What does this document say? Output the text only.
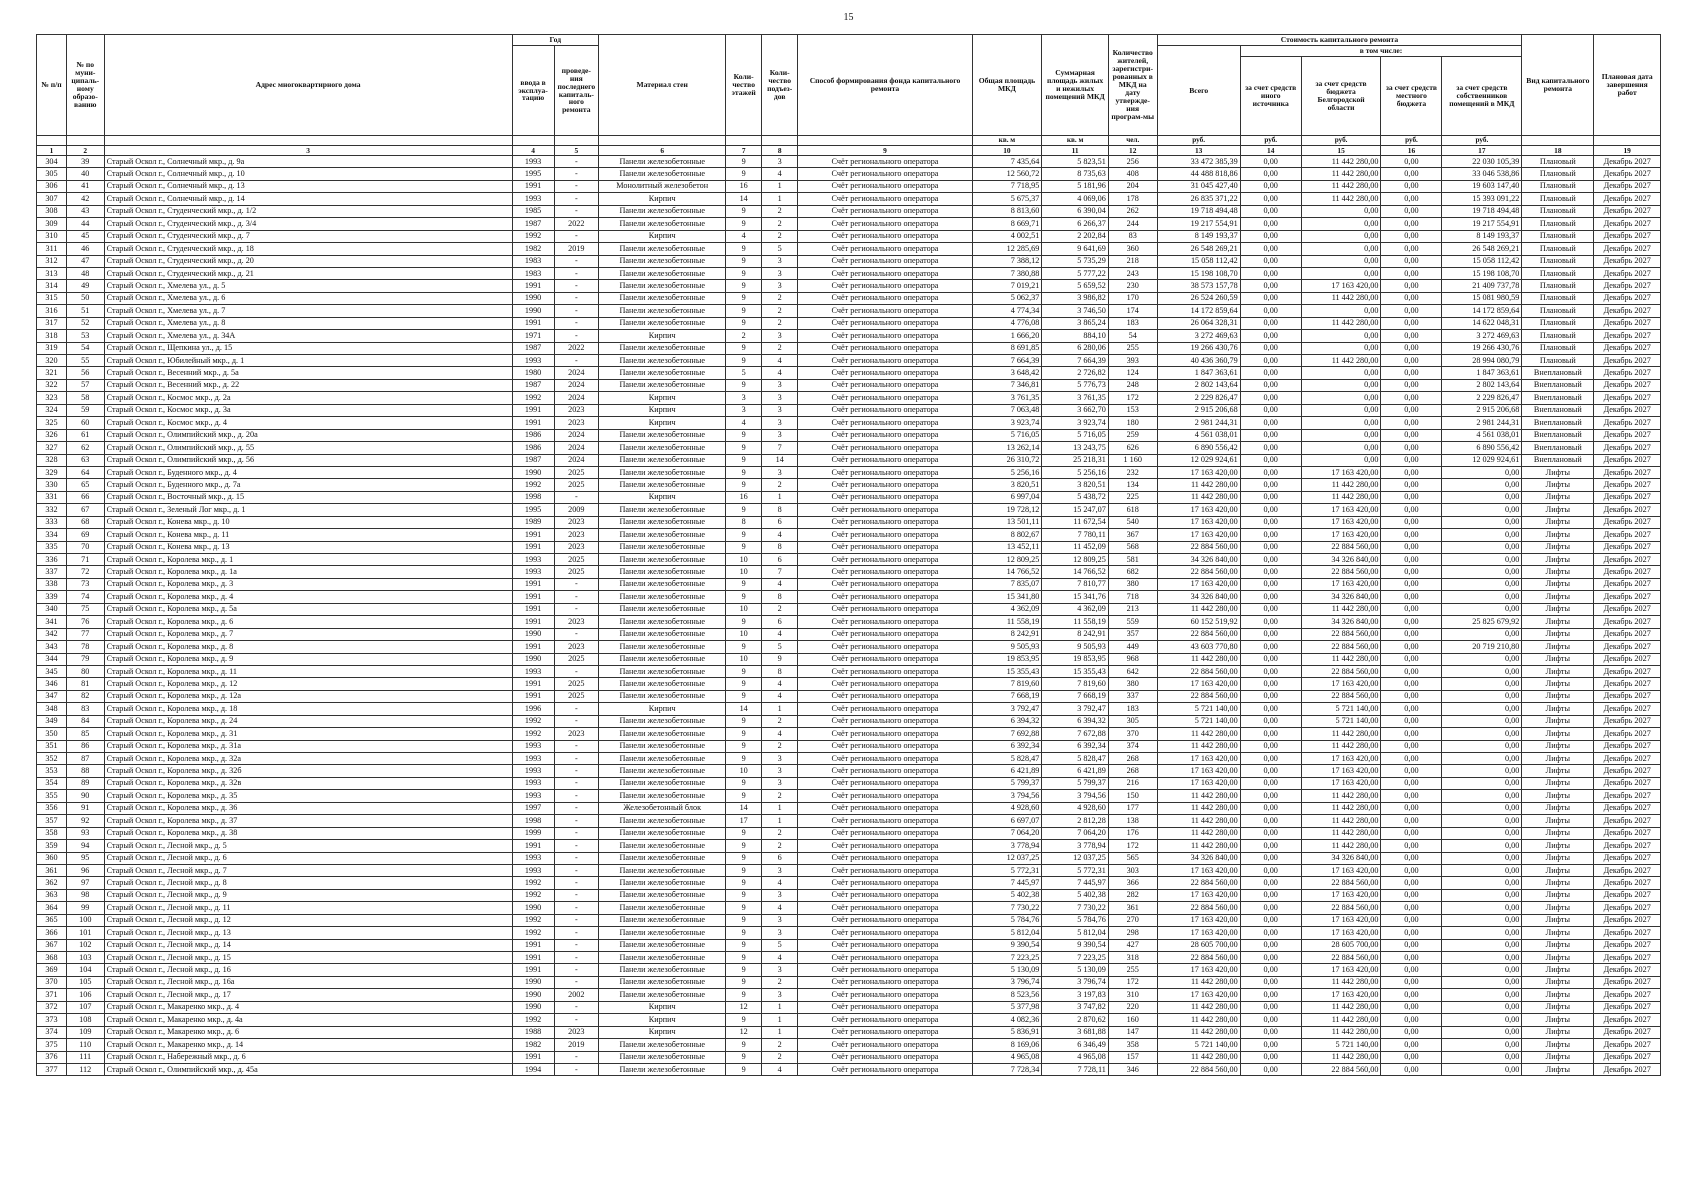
15
№ п/п	№ по муни-ципаль-ному образо-ванию	Адрес многоквартирного дома	Год		Материал стен	Коли-чество этажей	Коли-чество подъез-дов	Способ формирования фонда капитального ремонта	Общая площадь МКД	Суммарная площадь жилых и нежилых помещений МКД	Количество жителей, зарегистри-рованных в МКД на дату утвержде-ния програм-мы	Стоимость капитального ремонта					Вид капитального ремонта	Плановая дата завершения работ
			ввода в эксплуа-тацию	проведе-ния последнего капиталь-ного ремонта								Всего	в том числе:					
													за счет средств иного источника	за счет средств бюджета Белгородской области	за счет средств местного бюджета	за счет средств собственников помещений в МКД		
									кв. м	кв. м	чел.	руб.	руб.	руб.	руб.	руб.		
1	2	3	4	5	6	7	8	9	10	11	12	13	14	15	16	17	18	19
304	39	Старый Оскол г., Солнечный мкр., д. 9а	1993	-	Панели железобетонные	9	3	Счёт регионального оператора	7 435,64	5 823,51	256	33 472 385,39	0,00	11 442 280,00	0,00	22 030 105,39	Плановый	Декабрь 2027
305	40	Старый Оскол г., Солнечный мкр., д. 10	1995	-	Панели железобетонные	9	4	Счёт регионального оператора	12 560,72	8 735,63	408	44 488 818,86	0,00	11 442 280,00	0,00	33 046 538,86	Плановый	Декабрь 2027
306	41	Старый Оскол г., Солнечный мкр., д. 13	1991	-	Монолитный железобетон	16	1	Счёт регионального оператора	7 718,95	5 181,96	204	31 045 427,40	0,00	11 442 280,00	0,00	19 603 147,40	Плановый	Декабрь 2027
307	42	Старый Оскол г., Солнечный мкр., д. 14	1993	-	Кирпич	14	1	Счёт регионального оператора	5 675,37	4 069,06	178	26 835 371,22	0,00	11 442 280,00	0,00	15 393 091,22	Плановый	Декабрь 2027
308	43	Старый Оскол г., Студенческий мкр., д. 1/2	1985	-	Панели железобетонные	9	2	Счёт регионального оператора	8 813,60	6 390,04	262	19 718 494,48	0,00	0,00	0,00	19 718 494,48	Плановый	Декабрь 2027
309	44	Старый Оскол г., Студенческий мкр., д. 3/4	1987	2022	Панели железобетонные	9	2	Счёт регионального оператора	8 669,71	6 266,37	244	19 217 554,91	0,00	0,00	0,00	19 217 554,91	Плановый	Декабрь 2027
310	45	Старый Оскол г., Студенческий мкр., д. 7	1992	-	Кирпич	4	2	Счёт регионального оператора	4 002,51	2 202,84	83	8 149 193,37	0,00	0,00	0,00	8 149 193,37	Плановый	Декабрь 2027
311	46	Старый Оскол г., Студенческий мкр., д. 18	1982	2019	Панели железобетонные	9	5	Счёт регионального оператора	12 285,69	9 641,69	360	26 548 269,21	0,00	0,00	0,00	26 548 269,21	Плановый	Декабрь 2027
312	47	Старый Оскол г., Студенческий мкр., д. 20	1983	-	Панели железобетонные	9	3	Счёт регионального оператора	7 388,12	5 735,29	218	15 058 112,42	0,00	0,00	0,00	15 058 112,42	Плановый	Декабрь 2027
313	48	Старый Оскол г., Студенческий мкр., д. 21	1983	-	Панели железобетонные	9	3	Счёт регионального оператора	7 380,88	5 777,22	243	15 198 108,70	0,00	0,00	0,00	15 198 108,70	Плановый	Декабрь 2027
314	49	Старый Оскол г., Хмелева ул., д. 5	1991	-	Панели железобетонные	9	3	Счёт регионального оператора	7 019,21	5 659,52	230	38 573 157,78	0,00	17 163 420,00	0,00	21 409 737,78	Плановый	Декабрь 2027
315	50	Старый Оскол г., Хмелева ул., д. 6	1990	-	Панели железобетонные	9	2	Счёт регионального оператора	5 062,37	3 986,82	170	26 524 260,59	0,00	11 442 280,00	0,00	15 081 980,59	Плановый	Декабрь 2027
316	51	Старый Оскол г., Хмелева ул., д. 7	1990	-	Панели железобетонные	9	2	Счёт регионального оператора	4 774,34	3 746,50	174	14 172 859,64	0,00	0,00	0,00	14 172 859,64	Плановый	Декабрь 2027
317	52	Старый Оскол г., Хмелева ул., д. 8	1991	-	Панели железобетонные	9	2	Счёт регионального оператора	4 776,08	3 865,24	183	26 064 328,31	0,00	11 442 280,00	0,00	14 622 048,31	Плановый	Декабрь 2027
318	53	Старый Оскол г., Хмелева ул., д. 34А	1971	-	Кирпич	2	3	Счёт регионального оператора	1 666,20	884,10	54	3 272 469,63	0,00	0,00	0,00	3 272 469,63	Плановый	Декабрь 2027
319	54	Старый Оскол г., Щепкина ул., д. 15	1987	2022	Панели железобетонные	9	2	Счёт регионального оператора	8 691,85	6 280,06	255	19 266 430,76	0,00	0,00	0,00	19 266 430,76	Плановый	Декабрь 2027
320	55	Старый Оскол г., Юбилейный мкр., д. 1	1993	-	Панели железобетонные	9	4	Счёт регионального оператора	7 664,39	7 664,39	393	40 436 360,79	0,00	11 442 280,00	0,00	28 994 080,79	Плановый	Декабрь 2027
321	56	Старый Оскол г., Весенний мкр., д. 5а	1980	2024	Панели железобетонные	5	4	Счёт регионального оператора	3 648,42	2 726,82	124	1 847 363,61	0,00	0,00	0,00	1 847 363,61	Внеплановый	Декабрь 2027
322	57	Старый Оскол г., Весенний мкр., д. 22	1987	2024	Панели железобетонные	9	3	Счёт регионального оператора	7 346,81	5 776,73	248	2 802 143,64	0,00	0,00	0,00	2 802 143,64	Внеплановый	Декабрь 2027
323	58	Старый Оскол г., Космос мкр., д. 2а	1992	2024	Кирпич	3	3	Счёт регионального оператора	3 761,35	3 761,35	172	2 229 826,47	0,00	0,00	0,00	2 229 826,47	Внеплановый	Декабрь 2027
324	59	Старый Оскол г., Космос мкр., д. 3а	1991	2023	Кирпич	3	3	Счёт регионального оператора	7 063,48	3 662,70	153	2 915 206,68	0,00	0,00	0,00	2 915 206,68	Внеплановый	Декабрь 2027
325	60	Старый Оскол г., Космос мкр., д. 4	1991	2023	Кирпич	4	3	Счёт регионального оператора	3 923,74	3 923,74	180	2 981 244,31	0,00	0,00	0,00	2 981 244,31	Внеплановый	Декабрь 2027
326	61	Старый Оскол г., Олимпийский мкр., д. 20а	1986	2024	Панели железобетонные	9	3	Счёт регионального оператора	5 716,05	5 716,05	259	4 561 038,01	0,00	0,00	0,00	4 561 038,01	Внеплановый	Декабрь 2027
327	62	Старый Оскол г., Олимпийский мкр., д. 55	1986	2024	Панели железобетонные	9	7	Счёт регионального оператора	13 262,14	13 243,75	626	6 890 556,42	0,00	0,00	0,00	6 890 556,42	Внеплановый	Декабрь 2027
328	63	Старый Оскол г., Олимпийский мкр., д. 56	1987	2024	Панели железобетонные	9	14	Счёт регионального оператора	26 310,72	25 218,31	1 160	12 029 924,61	0,00	0,00	0,00	12 029 924,61	Внеплановый	Декабрь 2027
329	64	Старый Оскол г., Буденного мкр., д. 4	1990	2025	Панели железобетонные	9	3	Счёт регионального оператора	5 256,16	5 256,16	232	17 163 420,00	0,00	17 163 420,00	0,00	0,00	Лифты	Декабрь 2027
330	65	Старый Оскол г., Буденного мкр., д. 7а	1992	2025	Панели железобетонные	9	2	Счёт регионального оператора	3 820,51	3 820,51	134	11 442 280,00	0,00	11 442 280,00	0,00	0,00	Лифты	Декабрь 2027
331	66	Старый Оскол г., Восточный мкр., д. 15	1998	-	Кирпич	16	1	Счёт регионального оператора	6 997,04	5 438,72	225	11 442 280,00	0,00	11 442 280,00	0,00	0,00	Лифты	Декабрь 2027
332	67	Старый Оскол г., Зеленый Лог мкр., д. 1	1995	2009	Панели железобетонные	9	8	Счёт регионального оператора	19 728,12	15 247,07	618	17 163 420,00	0,00	17 163 420,00	0,00	0,00	Лифты	Декабрь 2027
333	68	Старый Оскол г., Конева мкр., д. 10	1989	2023	Панели железобетонные	8	6	Счёт регионального оператора	13 501,11	11 672,54	540	17 163 420,00	0,00	17 163 420,00	0,00	0,00	Лифты	Декабрь 2027
334	69	Старый Оскол г., Конева мкр., д. 11	1991	2023	Панели железобетонные	9	4	Счёт регионального оператора	8 802,67	7 780,11	367	17 163 420,00	0,00	17 163 420,00	0,00	0,00	Лифты	Декабрь 2027
335	70	Старый Оскол г., Конева мкр., д. 13	1991	2023	Панели железобетонные	9	8	Счёт регионального оператора	13 452,11	11 452,09	568	22 884 560,00	0,00	22 884 560,00	0,00	0,00	Лифты	Декабрь 2027
336	71	Старый Оскол г., Королева мкр., д. 1	1993	2025	Панели железобетонные	10	6	Счёт регионального оператора	12 809,25	12 809,25	581	34 326 840,00	0,00	34 326 840,00	0,00	0,00	Лифты	Декабрь 2027
337	72	Старый Оскол г., Королева мкр., д. 1а	1993	2025	Панели железобетонные	10	7	Счёт регионального оператора	14 766,52	14 766,52	682	22 884 560,00	0,00	22 884 560,00	0,00	0,00	Лифты	Декабрь 2027
338	73	Старый Оскол г., Королева мкр., д. 3	1991	-	Панели железобетонные	9	4	Счёт регионального оператора	7 835,07	7 810,77	380	17 163 420,00	0,00	17 163 420,00	0,00	0,00	Лифты	Декабрь 2027
339	74	Старый Оскол г., Королева мкр., д. 4	1991	-	Панели железобетонные	9	8	Счёт регионального оператора	15 341,80	15 341,76	718	34 326 840,00	0,00	34 326 840,00	0,00	0,00	Лифты	Декабрь 2027
340	75	Старый Оскол г., Королева мкр., д. 5а	1991	-	Панели железобетонные	10	2	Счёт регионального оператора	4 362,09	4 362,09	213	11 442 280,00	0,00	11 442 280,00	0,00	0,00	Лифты	Декабрь 2027
341	76	Старый Оскол г., Королева мкр., д. 6	1991	2023	Панели железобетонные	9	6	Счёт регионального оператора	11 558,19	11 558,19	559	60 152 519,92	0,00	34 326 840,00	0,00	25 825 679,92	Лифты	Декабрь 2027
342	77	Старый Оскол г., Королева мкр., д. 7	1990	-	Панели железобетонные	10	4	Счёт регионального оператора	8 242,91	8 242,91	357	22 884 560,00	0,00	22 884 560,00	0,00	0,00	Лифты	Декабрь 2027
343	78	Старый Оскол г., Королева мкр., д. 8	1991	2023	Панели железобетонные	9	5	Счёт регионального оператора	9 505,93	9 505,93	449	43 603 770,80	0,00	22 884 560,00	0,00	20 719 210,80	Лифты	Декабрь 2027
344	79	Старый Оскол г., Королева мкр., д. 9	1990	2025	Панели железобетонные	10	9	Счёт регионального оператора	19 853,95	19 853,95	968	11 442 280,00	0,00	11 442 280,00	0,00	0,00	Лифты	Декабрь 2027
345	80	Старый Оскол г., Королева мкр., д. 11	1993	-	Панели железобетонные	9	8	Счёт регионального оператора	15 355,43	15 355,43	642	22 884 560,00	0,00	22 884 560,00	0,00	0,00	Лифты	Декабрь 2027
346	81	Старый Оскол г., Королева мкр., д. 12	1991	2025	Панели железобетонные	9	4	Счёт регионального оператора	7 819,60	7 819,60	380	17 163 420,00	0,00	17 163 420,00	0,00	0,00	Лифты	Декабрь 2027
347	82	Старый Оскол г., Королева мкр., д. 12а	1991	2025	Панели железобетонные	9	4	Счёт регионального оператора	7 668,19	7 668,19	337	22 884 560,00	0,00	22 884 560,00	0,00	0,00	Лифты	Декабрь 2027
348	83	Старый Оскол г., Королева мкр., д. 18	1996	-	Кирпич	14	1	Счёт регионального оператора	3 792,47	3 792,47	183	5 721 140,00	0,00	5 721 140,00	0,00	0,00	Лифты	Декабрь 2027
349	84	Старый Оскол г., Королева мкр., д. 24	1992	-	Панели железобетонные	9	2	Счёт регионального оператора	6 394,32	6 394,32	305	5 721 140,00	0,00	5 721 140,00	0,00	0,00	Лифты	Декабрь 2027
350	85	Старый Оскол г., Королева мкр., д. 31	1992	2023	Панели железобетонные	9	4	Счёт регионального оператора	7 692,88	7 672,88	370	11 442 280,00	0,00	11 442 280,00	0,00	0,00	Лифты	Декабрь 2027
351	86	Старый Оскол г., Королева мкр., д. 31а	1993	-	Панели железобетонные	9	2	Счёт регионального оператора	6 392,34	6 392,34	374	11 442 280,00	0,00	11 442 280,00	0,00	0,00	Лифты	Декабрь 2027
352	87	Старый Оскол г., Королева мкр., д. 32а	1993	-	Панели железобетонные	9	3	Счёт регионального оператора	5 828,47	5 828,47	268	17 163 420,00	0,00	17 163 420,00	0,00	0,00	Лифты	Декабрь 2027
353	88	Старый Оскол г., Королева мкр., д. 32б	1993	-	Панели железобетонные	10	3	Счёт регионального оператора	6 421,89	6 421,89	268	17 163 420,00	0,00	17 163 420,00	0,00	0,00	Лифты	Декабрь 2027
354	89	Старый Оскол г., Королева мкр., д. 32в	1993	-	Панели железобетонные	9	3	Счёт регионального оператора	5 799,37	5 799,37	216	17 163 420,00	0,00	17 163 420,00	0,00	0,00	Лифты	Декабрь 2027
355	90	Старый Оскол г., Королева мкр., д. 35	1993	-	Панели железобетонные	9	2	Счёт регионального оператора	3 794,56	3 794,56	150	11 442 280,00	0,00	11 442 280,00	0,00	0,00	Лифты	Декабрь 2027
356	91	Старый Оскол г., Королева мкр., д. 36	1997	-	Железобетонный блок	14	1	Счёт регионального оператора	4 928,60	4 928,60	177	11 442 280,00	0,00	11 442 280,00	0,00	0,00	Лифты	Декабрь 2027
357	92	Старый Оскол г., Королева мкр., д. 37	1998	-	Панели железобетонные	17	1	Счёт регионального оператора	6 697,07	2 812,28	138	11 442 280,00	0,00	11 442 280,00	0,00	0,00	Лифты	Декабрь 2027
358	93	Старый Оскол г., Королева мкр., д. 38	1999	-	Панели железобетонные	9	2	Счёт регионального оператора	7 064,20	7 064,20	176	11 442 280,00	0,00	11 442 280,00	0,00	0,00	Лифты	Декабрь 2027
359	94	Старый Оскол г., Лесной мкр., д. 5	1991	-	Панели железобетонные	9	2	Счёт регионального оператора	3 778,94	3 778,94	172	11 442 280,00	0,00	11 442 280,00	0,00	0,00	Лифты	Декабрь 2027
360	95	Старый Оскол г., Лесной мкр., д. 6	1993	-	Панели железобетонные	9	6	Счёт регионального оператора	12 037,25	12 037,25	565	34 326 840,00	0,00	34 326 840,00	0,00	0,00	Лифты	Декабрь 2027
361	96	Старый Оскол г., Лесной мкр., д. 7	1993	-	Панели железобетонные	9	3	Счёт регионального оператора	5 772,31	5 772,31	303	17 163 420,00	0,00	17 163 420,00	0,00	0,00	Лифты	Декабрь 2027
362	97	Старый Оскол г., Лесной мкр., д. 8	1992	-	Панели железобетонные	9	4	Счёт регионального оператора	7 445,97	7 445,97	366	22 884 560,00	0,00	22 884 560,00	0,00	0,00	Лифты	Декабрь 2027
363	98	Старый Оскол г., Лесной мкр., д. 9	1992	-	Панели железобетонные	9	3	Счёт регионального оператора	5 402,38	5 402,38	282	17 163 420,00	0,00	17 163 420,00	0,00	0,00	Лифты	Декабрь 2027
364	99	Старый Оскол г., Лесной мкр., д. 11	1990	-	Панели железобетонные	9	4	Счёт регионального оператора	7 730,22	7 730,22	361	22 884 560,00	0,00	22 884 560,00	0,00	0,00	Лифты	Декабрь 2027
365	100	Старый Оскол г., Лесной мкр., д. 12	1992	-	Панели железобетонные	9	3	Счёт регионального оператора	5 784,76	5 784,76	270	17 163 420,00	0,00	17 163 420,00	0,00	0,00	Лифты	Декабрь 2027
366	101	Старый Оскол г., Лесной мкр., д. 13	1992	-	Панели железобетонные	9	3	Счёт регионального оператора	5 812,04	5 812,04	298	17 163 420,00	0,00	17 163 420,00	0,00	0,00	Лифты	Декабрь 2027
367	102	Старый Оскол г., Лесной мкр., д. 14	1991	-	Панели железобетонные	9	5	Счёт регионального оператора	9 390,54	9 390,54	427	28 605 700,00	0,00	28 605 700,00	0,00	0,00	Лифты	Декабрь 2027
368	103	Старый Оскол г., Лесной мкр., д. 15	1991	-	Панели железобетонные	9	4	Счёт регионального оператора	7 223,25	7 223,25	318	22 884 560,00	0,00	22 884 560,00	0,00	0,00	Лифты	Декабрь 2027
369	104	Старый Оскол г., Лесной мкр., д. 16	1991	-	Панели железобетонные	9	3	Счёт регионального оператора	5 130,09	5 130,09	255	17 163 420,00	0,00	17 163 420,00	0,00	0,00	Лифты	Декабрь 2027
370	105	Старый Оскол г., Лесной мкр., д. 16а	1990	-	Панели железобетонные	9	2	Счёт регионального оператора	3 796,74	3 796,74	172	11 442 280,00	0,00	11 442 280,00	0,00	0,00	Лифты	Декабрь 2027
371	106	Старый Оскол г., Лесной мкр., д. 17	1990	2002	Панели железобетонные	9	3	Счёт регионального оператора	8 523,56	3 197,83	310	17 163 420,00	0,00	17 163 420,00	0,00	0,00	Лифты	Декабрь 2027
372	107	Старый Оскол г., Макаренко мкр., д. 4	1990	-	Кирпич	12	1	Счёт регионального оператора	5 377,98	3 747,82	220	11 442 280,00	0,00	11 442 280,00	0,00	0,00	Лифты	Декабрь 2027
373	108	Старый Оскол г., Макаренко мкр., д. 4а	1992	-	Кирпич	9	1	Счёт регионального оператора	4 082,36	2 870,62	160	11 442 280,00	0,00	11 442 280,00	0,00	0,00	Лифты	Декабрь 2027
374	109	Старый Оскол г., Макаренко мкр., д. 6	1988	2023	Кирпич	12	1	Счёт регионального оператора	5 836,91	3 681,88	147	11 442 280,00	0,00	11 442 280,00	0,00	0,00	Лифты	Декабрь 2027
375	110	Старый Оскол г., Макаренко мкр., д. 14	1982	2019	Панели железобетонные	9	2	Счёт регионального оператора	8 169,06	6 346,49	358	5 721 140,00	0,00	5 721 140,00	0,00	0,00	Лифты	Декабрь 2027
376	111	Старый Оскол г., Набережный мкр., д. 6	1991	-	Панели железобетонные	9	2	Счёт регионального оператора	4 965,08	4 965,08	157	11 442 280,00	0,00	11 442 280,00	0,00	0,00	Лифты	Декабрь 2027
377	112	Старый Оскол г., Олимпийский мкр., д. 45а	1994	-	Панели железобетонные	9	4	Счёт регионального оператора	7 728,34	7 728,11	346	22 884 560,00	0,00	22 884 560,00	0,00	0,00	Лифты	Декабрь 2027
